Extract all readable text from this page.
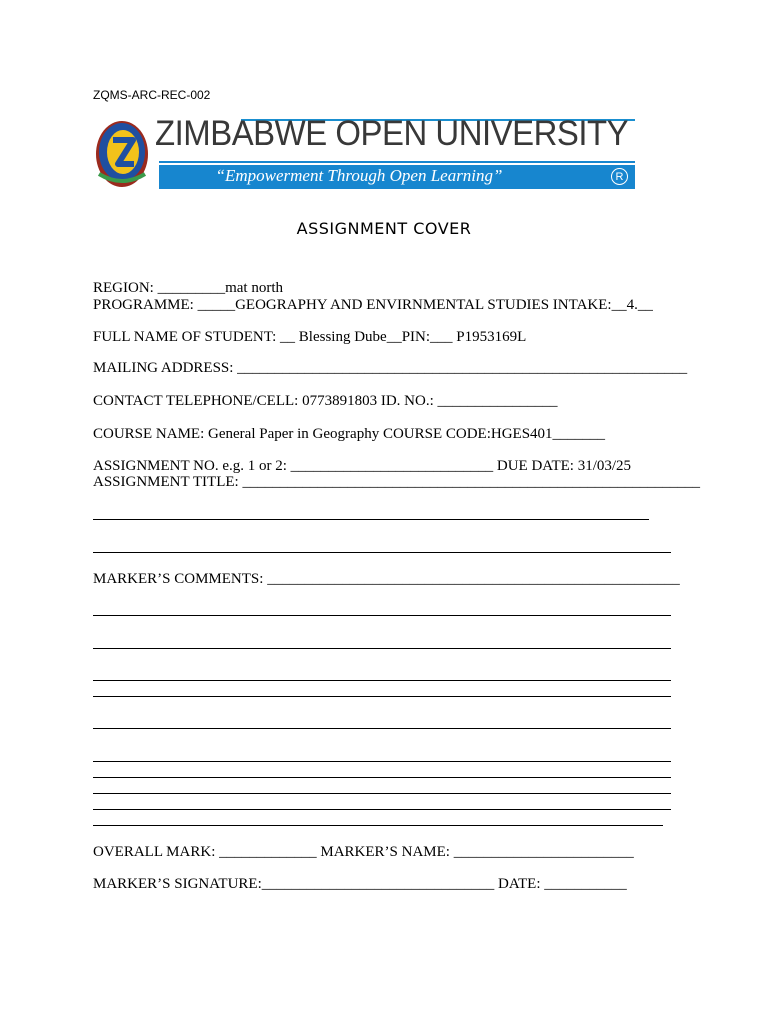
ZQMS-ARC-REC-002
ZIMBABWE OPEN UNIVERSITY
“Empowerment Through Open Learning”	R
ASSIGNMENT COVER
REGION: _________mat north
PROGRAMME: _____GEOGRAPHY AND ENVIRNMENTAL STUDIES INTAKE:__4.__
FULL NAME OF STUDENT: __ Blessing Dube__PIN:___ P1953169L
MAILING ADDRESS: ____________________________________________________________
CONTACT TELEPHONE/CELL: 0773891803 ID. NO.: ________________
COURSE NAME: General Paper in Geography COURSE CODE:HGES401_______
ASSIGNMENT NO. e.g. 1 or 2: ___________________________ DUE DATE: 31/03/25
ASSIGNMENT TITLE: _____________________________________________________________
MARKER’S COMMENTS: _______________________________________________________
OVERALL MARK: _____________ MARKER’S NAME: ________________________
MARKER’S SIGNATURE:_______________________________ DATE: ___________
